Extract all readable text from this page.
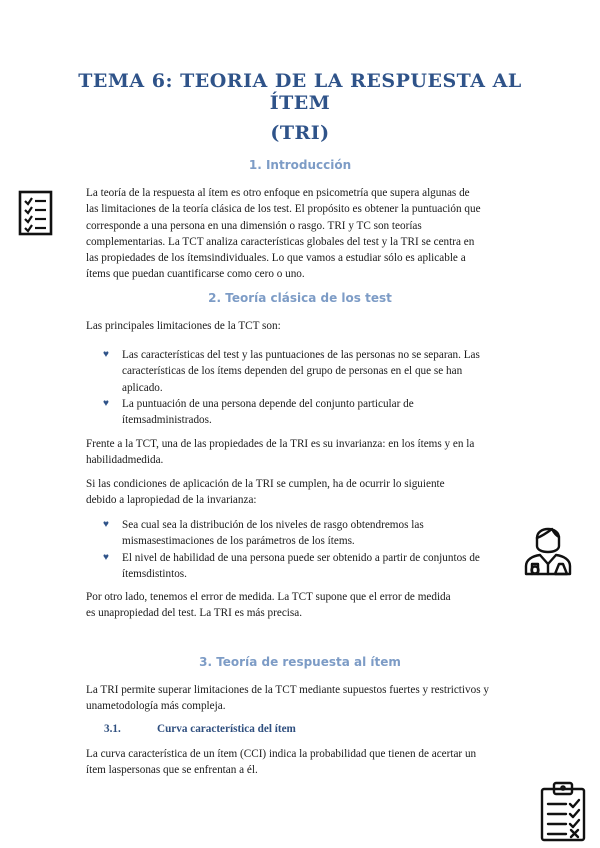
TEMA 6: TEORIA DE LA RESPUESTA AL ÍTEM
(TRI)
1. Introducción
La teoría de la respuesta al ítem es otro enfoque en psicometría que supera algunas de
las limitaciones de la teoría clásica de los test. El propósito es obtener la puntuación que
corresponde a una persona en una dimensión o rasgo. TRI y TC son teorías
complementarias. La TCT analiza características globales del test y la TRI se centra en
las propiedades de los ítemsindividuales. Lo que vamos a estudiar sólo es aplicable a
ítems que puedan cuantificarse como cero o uno.
2. Teoría clásica de los test
Las principales limitaciones de la TCT son:
♥ Las características del test y las puntuaciones de las personas no se separan. Las
características de los ítems dependen del grupo de personas en el que se han
aplicado.
♥ La puntuación de una persona depende del conjunto particular de
ítemsadministrados.
Frente a la TCT, una de las propiedades de la TRI es su invarianza: en los ítems y en la
habilidadmedida.
Si las condiciones de aplicación de la TRI se cumplen, ha de ocurrir lo siguiente
debido a lapropiedad de la invarianza:
♥ Sea cual sea la distribución de los niveles de rasgo obtendremos las
mismasestimaciones de los parámetros de los ítems.
♥ El nivel de habilidad de una persona puede ser obtenido a partir de conjuntos de
ítemsdistintos.
Por otro lado, tenemos el error de medida. La TCT supone que el error de medida
es unapropiedad del test. La TRI es más precisa.
3. Teoría de respuesta al ítem
La TRI permite superar limitaciones de la TCT mediante supuestos fuertes y restrictivos y
unametodología más compleja.
3.1.	Curva característica del ítem
La curva característica de un ítem (CCI) indica la probabilidad que tienen de acertar un
ítem laspersonas que se enfrentan a él.
